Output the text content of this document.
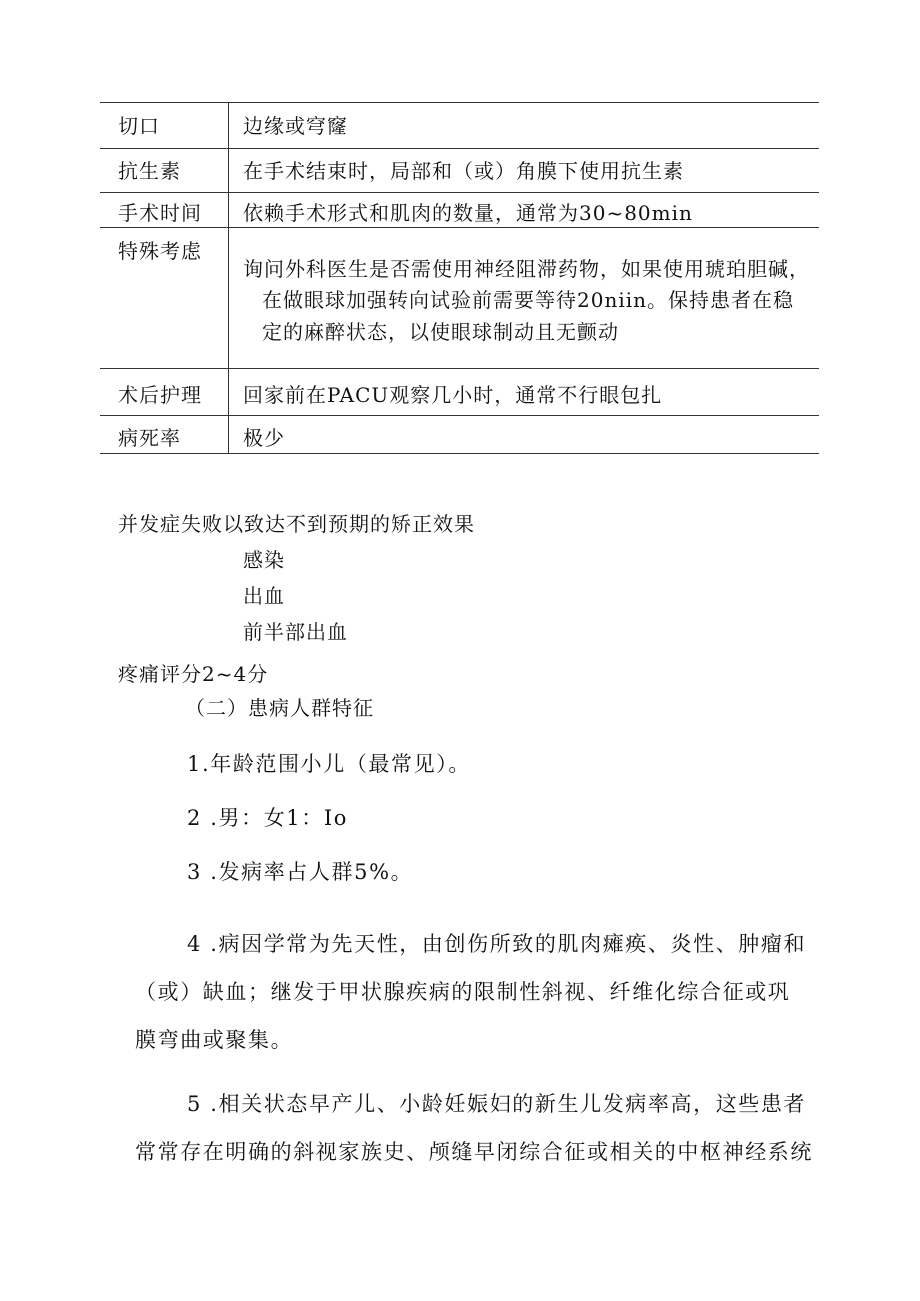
切口	边缘或穹窿
抗生素	在手术结束时，局部和（或）角膜下使用抗生素
手术时间 依赖手术形式和肌肉的数量，通常为30~80min
特殊考虑
询问外科医生是否需使用神经阻滞药物，如果使用琥珀胆碱，
在做眼球加强转向试验前需要等待20niin。保持患者在稳
定的麻醉状态，以使眼球制动且无颤动
术后护理 回家前在PACU观察几小时，通常不行眼包扎
病死率	极少
并发症失败以致达不到预期的矫正效果
感染
出血
前半部出血
疼痛评分2~4分
（二）患病人群特征
1.年龄范围小儿（最常见）。
2 .男：女1：Io
3 .发病率占人群5%。
4 .病因学常为先天性，由创伤所致的肌肉瘫痪、炎性、肿瘤和
（或）缺血；继发于甲状腺疾病的限制性斜视、纤维化综合征或巩
膜弯曲或聚集。
5 .相关状态早产儿、小龄妊娠妇的新生儿发病率高，这些患者
常常存在明确的斜视家族史、颅缝早闭综合征或相关的中枢神经系统
